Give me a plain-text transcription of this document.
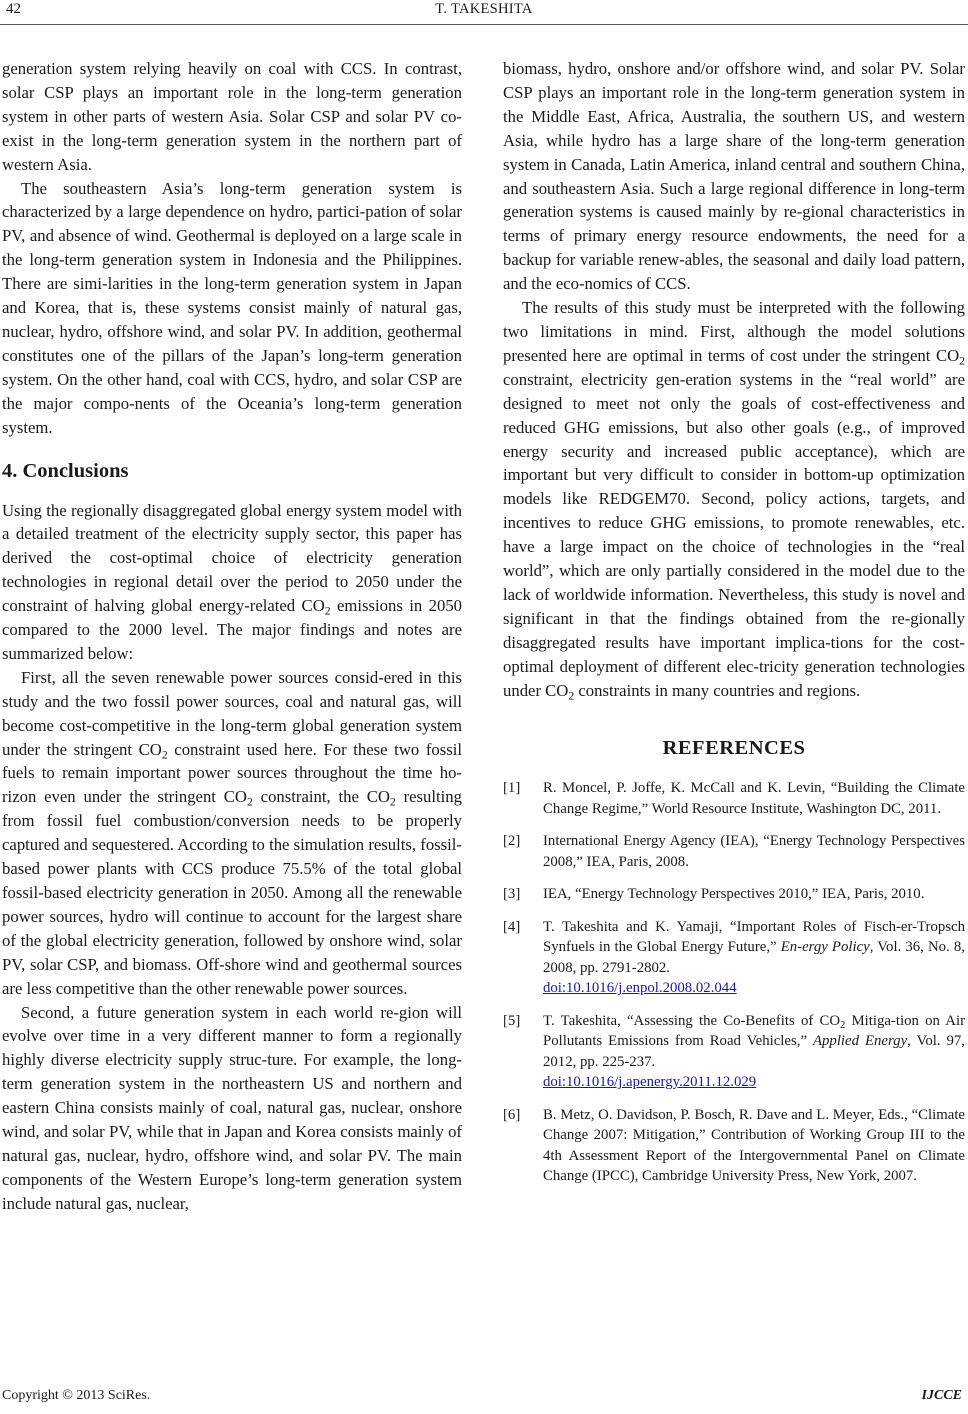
42	T. TAKESHITA

generation system relying heavily on coal with CCS. In contrast, solar CSP plays an important role in the long-term generation system in other parts of western Asia. Solar CSP and solar PV co-exist in the long-term generation system in the northern part of western Asia.

The southeastern Asia’s long-term generation system is characterized by a large dependence on hydro, partici-pation of solar PV, and absence of wind. Geothermal is deployed on a large scale in the long-term generation system in Indonesia and the Philippines. There are simi-larities in the long-term generation system in Japan and Korea, that is, these systems consist mainly of natural gas, nuclear, hydro, offshore wind, and solar PV. In addition, geothermal constitutes one of the pillars of the Japan’s long-term generation system. On the other hand, coal with CCS, hydro, and solar CSP are the major compo-nents of the Oceania’s long-term generation system.

4. Conclusions

Using the regionally disaggregated global energy system model with a detailed treatment of the electricity supply sector, this paper has derived the cost-optimal choice of electricity generation technologies in regional detail over the period to 2050 under the constraint of halving global energy-related $CO_2$ emissions in 2050 compared to the 2000 level. The major findings and notes are summarized below:

First, all the seven renewable power sources consid-ered in this study and the two fossil power sources, coal and natural gas, will become cost-competitive in the long-term global generation system under the stringent $CO_2$ constraint used here. For these two fossil fuels to remain important power sources throughout the time ho-rizon even under the stringent $CO_2$ constraint, the $CO_2$ resulting from fossil fuel combustion/conversion needs to be properly captured and sequestered. According to the simulation results, fossil-based power plants with CCS produce 75.5% of the total global fossil-based electricity generation in 2050. Among all the renewable power sources, hydro will continue to account for the largest share of the global electricity generation, followed by onshore wind, solar PV, solar CSP, and biomass. Off-shore wind and geothermal sources are less competitive than the other renewable power sources.

Second, a future generation system in each world re-gion will evolve over time in a very different manner to form a regionally highly diverse electricity supply struc-ture. For example, the long-term generation system in the northeastern US and northern and eastern China consists mainly of coal, natural gas, nuclear, onshore wind, and solar PV, while that in Japan and Korea consists mainly of natural gas, nuclear, hydro, offshore wind, and solar PV. The main components of the Western Europe’s long-term generation system include natural gas, nuclear,

biomass, hydro, onshore and/or offshore wind, and solar PV. Solar CSP plays an important role in the long-term generation system in the Middle East, Africa, Australia, the southern US, and western Asia, while hydro has a large share of the long-term generation system in Canada, Latin America, inland central and southern China, and southeastern Asia. Such a large regional difference in long-term generation systems is caused mainly by re-gional characteristics in terms of primary energy resource endowments, the need for a backup for variable renew-ables, the seasonal and daily load pattern, and the eco-nomics of CCS.

The results of this study must be interpreted with the following two limitations in mind. First, although the model solutions presented here are optimal in terms of cost under the stringent $CO_2$ constraint, electricity gen-eration systems in the “real world” are designed to meet not only the goals of cost-effectiveness and reduced GHG emissions, but also other goals (e.g., of improved energy security and increased public acceptance), which are important but very difficult to consider in bottom-up optimization models like REDGEM70. Second, policy actions, targets, and incentives to reduce GHG emissions, to promote renewables, etc. have a large impact on the choice of technologies in the “real world”, which are only partially considered in the model due to the lack of worldwide information. Nevertheless, this study is novel and significant in that the findings obtained from the re-gionally disaggregated results have important implica-tions for the cost-optimal deployment of different elec-tricity generation technologies under $CO_2$ constraints in many countries and regions.

REFERENCES
[1] R. Moncel, P. Joffe, K. McCall and K. Levin, “Building the Climate Change Regime,” World Resource Institute, Washington DC, 2011.
[2] International Energy Agency (IEA), “Energy Technology Perspectives 2008,” IEA, Paris, 2008.
[3] IEA, “Energy Technology Perspectives 2010,” IEA, Paris, 2010.
[4] T. Takeshita and K. Yamaji, “Important Roles of Fisch-er-Tropsch Synfuels in the Global Energy Future,” En-ergy Policy, Vol. 36, No. 8, 2008, pp. 2791-2802.
doi:10.1016/j.enpol.2008.02.044
[5] T. Takeshita, “Assessing the Co-Benefits of $CO_2$ Mitiga-tion on Air Pollutants Emissions from Road Vehicles,” Applied Energy, Vol. 97, 2012, pp. 225-237.
doi:10.1016/j.apenergy.2011.12.029
[6] B. Metz, O. Davidson, P. Bosch, R. Dave and L. Meyer, Eds., “Climate Change 2007: Mitigation,” Contribution of Working Group III to the 4th Assessment Report of the Intergovernmental Panel on Climate Change (IPCC), Cambridge University Press, New York, 2007.
Copyright © 2013 SciRes.	IJCCE
